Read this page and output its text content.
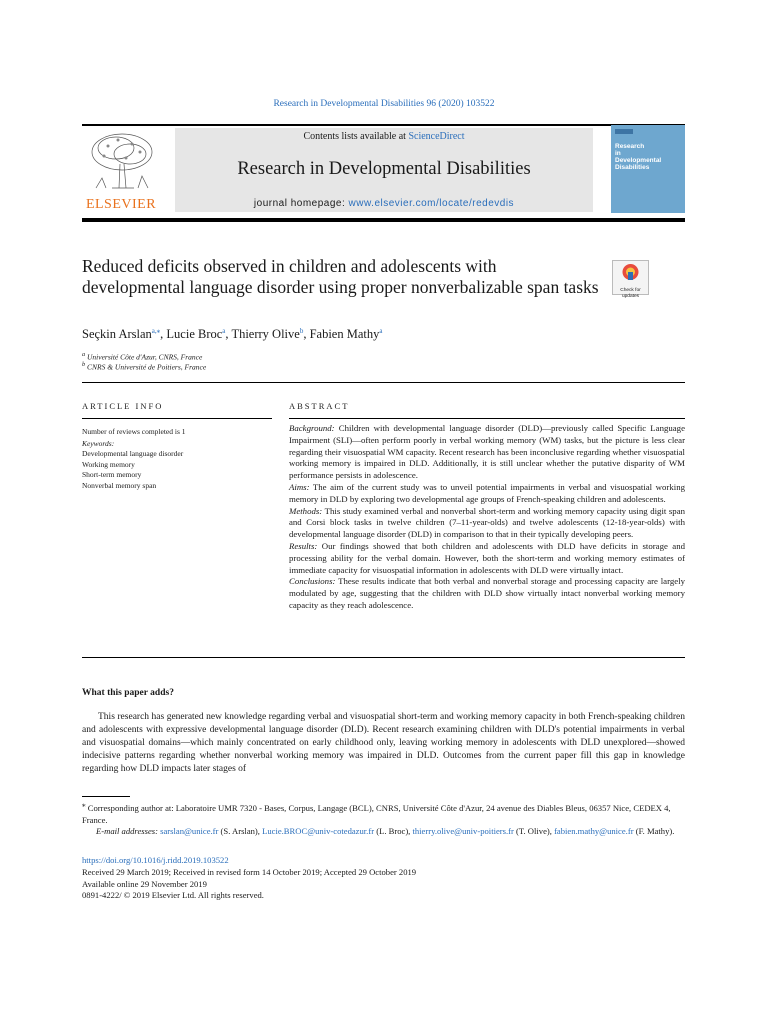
Research in Developmental Disabilities 96 (2020) 103522
ELSEVIER
Contents lists available at ScienceDirect
Research in Developmental Disabilities
journal homepage: www.elsevier.com/locate/redevdis
Research
in
Developmental
Disabilities
Reduced deficits observed in children and adolescents with developmental language disorder using proper nonverbalizable span tasks	Check for updates
Seçkin Arslan$^{a,⁎}$, Lucie Broc$^a$, Thierry Olive$^b$, Fabien Mathy$^a$
$^a$ Université Côte d'Azur, CNRS, France
$^b$ CNRS & Université de Poitiers, France
ARTICLE INFO
Number of reviews completed is 1
Keywords:
Developmental language disorder
Working memory
Short-term memory
Nonverbal memory span
ABSTRACT

Background: Children with developmental language disorder (DLD)—previously called Specific Language Impairment (SLI)—often perform poorly in verbal working memory (WM) tasks, but the picture is less clear regarding their visuospatial WM capacity. Recent research has been inconclusive regarding whether visuospatial working memory is impaired in DLD. Additionally, it is still unclear whether the putative disparity of WM performance persists in adolescence.

Aims: The aim of the current study was to unveil potential impairments in verbal and visuospatial working memory in DLD by exploring two developmental age groups of French-speaking children and adolescents.

Methods: This study examined verbal and nonverbal short-term and working memory capacity using digit span and Corsi block tasks in twelve children (7–11-year-olds) and twelve adolescents (12-18-year-olds) with developmental language disorder (DLD) in comparison to that in their typically developing peers.

Results: Our findings showed that both children and adolescents with DLD have deficits in storage and processing ability for the verbal domain. However, both the short-term and working memory estimates of immediate capacity for visuospatial information in adolescents with DLD were virtually intact.

Conclusions: These results indicate that both verbal and nonverbal storage and processing capacity are largely modulated by age, suggesting that the children with DLD show virtually intact nonverbal working memory capacity as they reach adolescence.

What this paper adds?
This research has generated new knowledge regarding verbal and visuospatial short-term and working memory capacity in both French-speaking children and adolescents with expressive developmental language disorder (DLD). Recent research examining children with DLD's potential impairments in verbal and visuospatial domains—which mainly concentrated on early childhood only, leaving working memory in adolescents with DLD unexplored—showed indecisive patterns regarding whether nonverbal working memory was impaired in DLD. Outcomes from the current paper fill this gap in knowledge regarding how DLD impacts later stages of

⁎ Corresponding author at: Laboratoire UMR 7320 - Bases, Corpus, Langage (BCL), CNRS, Université Côte d'Azur, 24 avenue des Diables Bleus, 06357 Nice, CEDEX 4, France.

E-mail addresses: sarslan@unice.fr (S. Arslan), Lucie.BROC@univ-cotedazur.fr (L. Broc), thierry.olive@univ-poitiers.fr (T. Olive), fabien.mathy@unice.fr (F. Mathy).

https://doi.org/10.1016/j.ridd.2019.103522

Received 29 March 2019; Received in revised form 14 October 2019; Accepted 29 October 2019

Available online 29 November 2019

0891-4222/ © 2019 Elsevier Ltd. All rights reserved.
